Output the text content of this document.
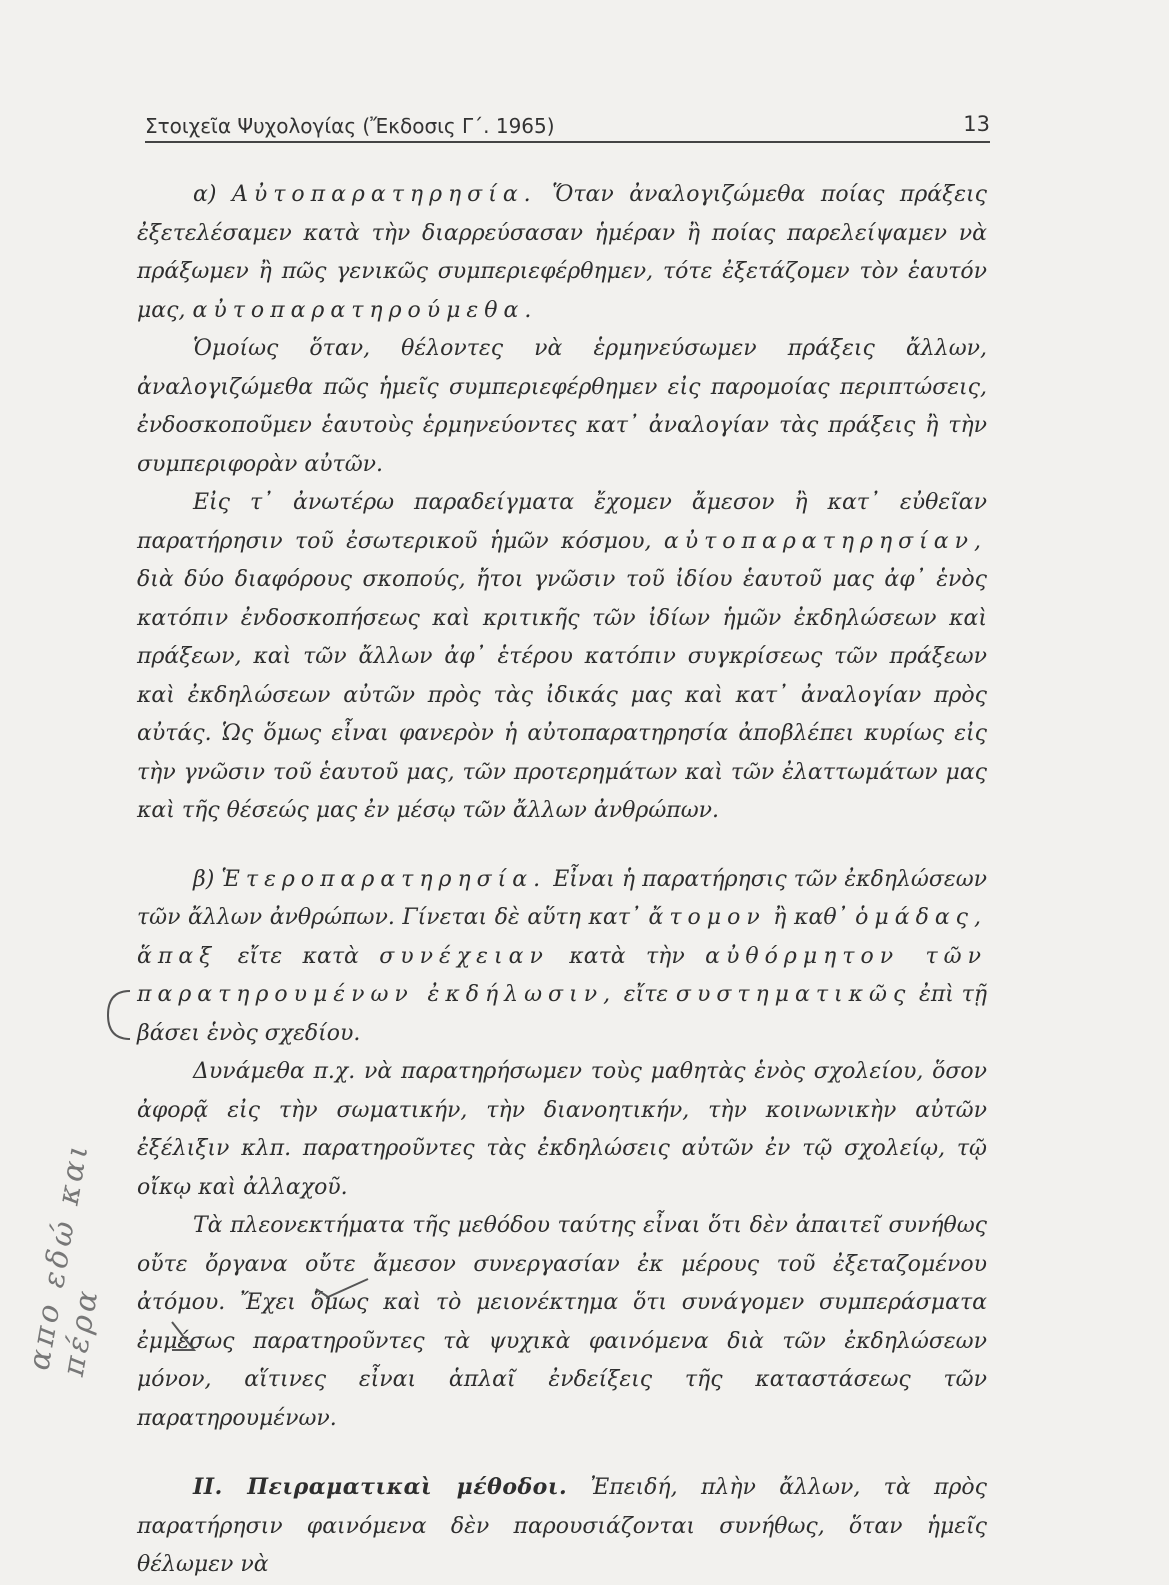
Στοιχεῖα Ψυχολογίας (Ἔκδοσις Γ΄. 1965)	13

α) Αὐτοπαρατηρησία. Ὅταν ἀναλογιζώμεθα ποίας πράξεις ἐξετελέσαμεν κατὰ τὴν διαρρεύσασαν ἡμέραν ἢ ποίας παρελείψαμεν νὰ πράξωμεν ἢ πῶς γενικῶς συμπεριεφέρθημεν, τότε ἐξετάζομεν τὸν ἑαυτόν μας, αὐτοπαρατηρούμεθα.

Ὁμοίως ὅταν, θέλοντες νὰ ἑρμηνεύσωμεν πράξεις ἄλλων, ἀναλογιζώμεθα πῶς ἡμεῖς συμπεριεφέρθημεν εἰς παρομοίας περιπτώσεις, ἐνδοσκοποῦμεν ἑαυτοὺς ἑρμηνεύοντες κατ᾽ ἀναλογίαν τὰς πράξεις ἢ τὴν συμπεριφορὰν αὐτῶν.

Εἰς τ᾽ ἀνωτέρω παραδείγματα ἔχομεν ἄμεσον ἢ κατ᾽ εὐθεῖαν παρατήρησιν τοῦ ἐσωτερικοῦ ἡμῶν κόσμου, αὐτοπαρατηρησίαν, διὰ δύο διαφόρους σκοπούς, ἤτοι γνῶσιν τοῦ ἰδίου ἑαυτοῦ μας ἀφ᾽ ἑνὸς κατόπιν ἐνδοσκοπήσεως καὶ κριτικῆς τῶν ἰδίων ἡμῶν ἐκδηλώσεων καὶ πράξεων, καὶ τῶν ἄλλων ἀφ᾽ ἑτέρου κατόπιν συγκρίσεως τῶν πράξεων καὶ ἐκδηλώσεων αὐτῶν πρὸς τὰς ἰδικάς μας καὶ κατ᾽ ἀναλογίαν πρὸς αὐτάς. Ὡς ὅμως εἶναι φανερὸν ἡ αὐτοπαρατηρησία ἀποβλέπει κυρίως εἰς τὴν γνῶσιν τοῦ ἑαυτοῦ μας, τῶν προτερημάτων καὶ τῶν ἐλαττωμάτων μας καὶ τῆς θέσεώς μας ἐν μέσῳ τῶν ἄλλων ἀνθρώπων.

β) Ἑτεροπαρατηρησία. Εἶναι ἡ παρατήρησις τῶν ἐκδηλώσεων τῶν ἄλλων ἀνθρώπων. Γίνεται δὲ αὕτη κατ᾽ ἄτομον ἢ καθ᾽ ὁμάδας, ἅπαξ εἴτε κατὰ συνέχειαν κατὰ τὴν αὐθόρμητον τῶν παρατηρουμένων ἐκδήλωσιν, εἴτε συστηματικῶς ἐπὶ τῇ βάσει ἑνὸς σχεδίου.

Δυνάμεθα π.χ. νὰ παρατηρήσωμεν τοὺς μαθητὰς ἑνὸς σχολείου, ὅσον ἀφορᾷ εἰς τὴν σωματικήν, τὴν διανοητικήν, τὴν κοινωνικὴν αὐτῶν ἐξέλιξιν κλπ. παρατηροῦντες τὰς ἐκδηλώσεις αὐτῶν ἐν τῷ σχολείῳ, τῷ οἴκῳ καὶ ἀλλαχοῦ.

Τὰ πλεονεκτήματα τῆς μεθόδου ταύτης εἶναι ὅτι δὲν ἀπαιτεῖ συνήθως οὔτε ὄργανα οὔτε ἄμεσον συνεργασίαν ἐκ μέρους τοῦ ἐξεταζομένου ἀτόμου. Ἔχει ὅμως καὶ τὸ μειονέκτημα ὅτι συνάγομεν συμπεράσματα ἐμμέσως παρατηροῦντες τὰ ψυχικὰ φαινόμενα διὰ τῶν ἐκδηλώσεων μόνον, αἵτινες εἶναι ἁπλαῖ ἐνδείξεις τῆς καταστάσεως τῶν παρατηρουμένων.

ΙΙ. Πειραματικαὶ μέθοδοι. Ἐπειδή, πλὴν ἄλλων, τὰ πρὸς παρατήρησιν φαινόμενα δὲν παρουσιάζονται συνήθως, ὅταν ἡμεῖς θέλωμεν νὰ

απο εδώ και πέρα
